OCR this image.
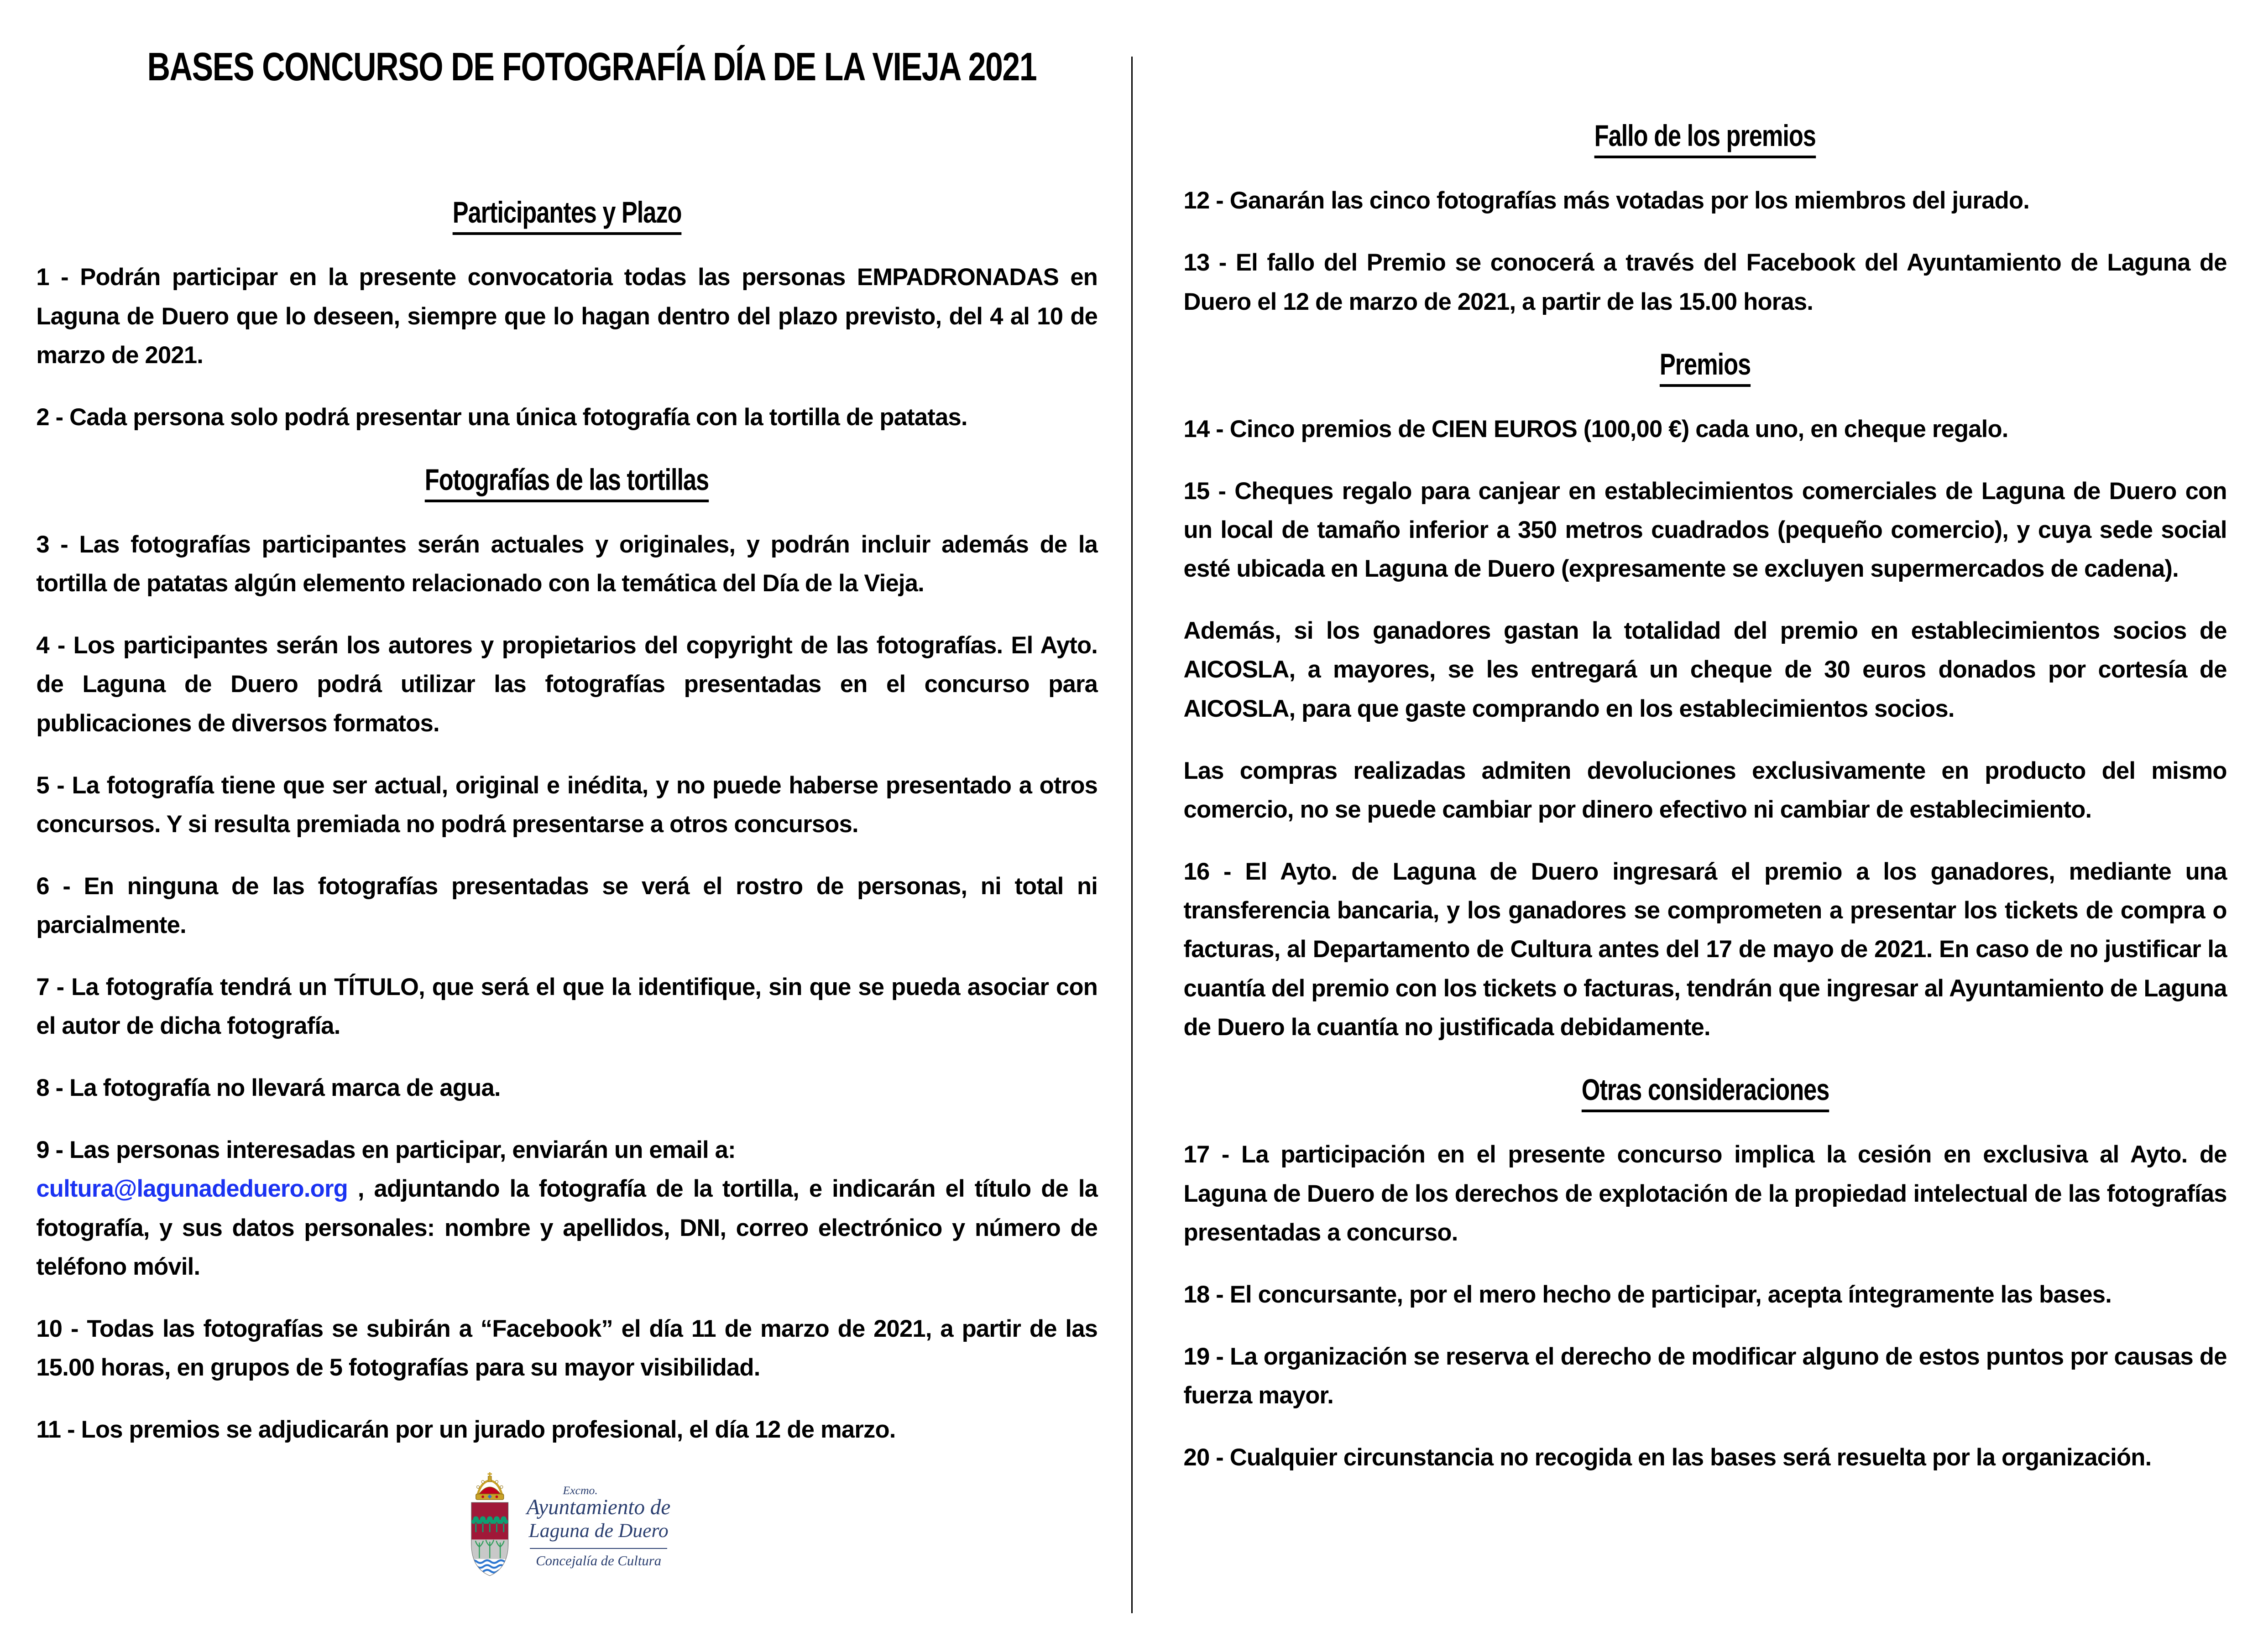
BASES CONCURSO DE FOTOGRAFÍA DÍA DE LA VIEJA 2021
Participantes y Plazo

1 - Podrán participar en la presente convocatoria todas las personas EMPADRONADAS en Laguna de Duero que lo deseen, siempre que lo hagan dentro del plazo previsto, del 4 al 10 de marzo de 2021.

2 - Cada persona solo podrá presentar una única fotografía con la tortilla de patatas.

Fotografías de las tortillas

3 - Las fotografías participantes serán actuales y originales, y podrán incluir además de la tortilla de patatas algún elemento relacionado con la temática del Día de la Vieja.

4 - Los participantes serán los autores y propietarios del copyright de las fotografías. El Ayto. de Laguna de Duero podrá utilizar las fotografías presentadas en el concurso para publicaciones de diversos formatos.

5 - La fotografía tiene que ser actual, original e inédita, y no puede haberse presentado a otros concursos. Y si resulta premiada no podrá presentarse a otros concursos.

6 - En ninguna de las fotografías presentadas se verá el rostro de personas, ni total ni parcialmente.

7 - La fotografía tendrá un TÍTULO, que será el que la identifique, sin que se pueda asociar con el autor de dicha fotografía.

8 - La fotografía no llevará marca de agua.

9 - Las personas interesadas en participar, enviarán un email a:
cultura@lagunadeduero.org , adjuntando la fotografía de la tortilla, e indicarán el título de la fotografía, y sus datos personales: nombre y apellidos, DNI, correo electrónico y número de teléfono móvil.

10 - Todas las fotografías se subirán a “Facebook” el día 11 de marzo de 2021, a partir de las 15.00 horas, en grupos de 5 fotografías para su mayor visibilidad.

11 - Los premios se adjudicarán por un jurado profesional, el día 12 de marzo.

Excmo.
Ayuntamiento de
Laguna de Duero
Concejalía de Cultura
Fallo de los premios

12 - Ganarán las cinco fotografías más votadas por los miembros del jurado.

13 - El fallo del Premio se conocerá a través del Facebook del Ayuntamiento de Laguna de Duero el 12 de marzo de 2021, a partir de las 15.00 horas.

Premios

14 - Cinco premios de CIEN EUROS (100,00 €) cada uno, en cheque regalo.

15 - Cheques regalo para canjear en establecimientos comerciales de Laguna de Duero con un local de tamaño inferior a 350 metros cuadrados (pequeño comercio), y cuya sede social esté ubicada en Laguna de Duero (expresamente se excluyen supermercados de cadena).

Además, si los ganadores gastan la totalidad del premio en establecimientos socios de AICOSLA, a mayores, se les entregará un cheque de 30 euros donados por cortesía de AICOSLA, para que gaste comprando en los establecimientos socios.

Las compras realizadas admiten devoluciones exclusivamente en producto del mismo comercio, no se puede cambiar por dinero efectivo ni cambiar de establecimiento.

16 - El Ayto. de Laguna de Duero ingresará el premio a los ganadores, mediante una transferencia bancaria, y los ganadores se comprometen a presentar los tickets de compra o facturas, al Departamento de Cultura antes del 17 de mayo de 2021. En caso de no justificar la cuantía del premio con los tickets o facturas, tendrán que ingresar al Ayuntamiento de Laguna de Duero la cuantía no justificada debidamente.

Otras consideraciones

17 - La participación en el presente concurso implica la cesión en exclusiva al Ayto. de Laguna de Duero de los derechos de explotación de la propiedad intelectual de las fotografías presentadas a concurso.

18 - El concursante, por el mero hecho de participar, acepta íntegramente las bases.

19 - La organización se reserva el derecho de modificar alguno de estos puntos por causas de fuerza mayor.

20 - Cualquier circunstancia no recogida en las bases será resuelta por la organización.
